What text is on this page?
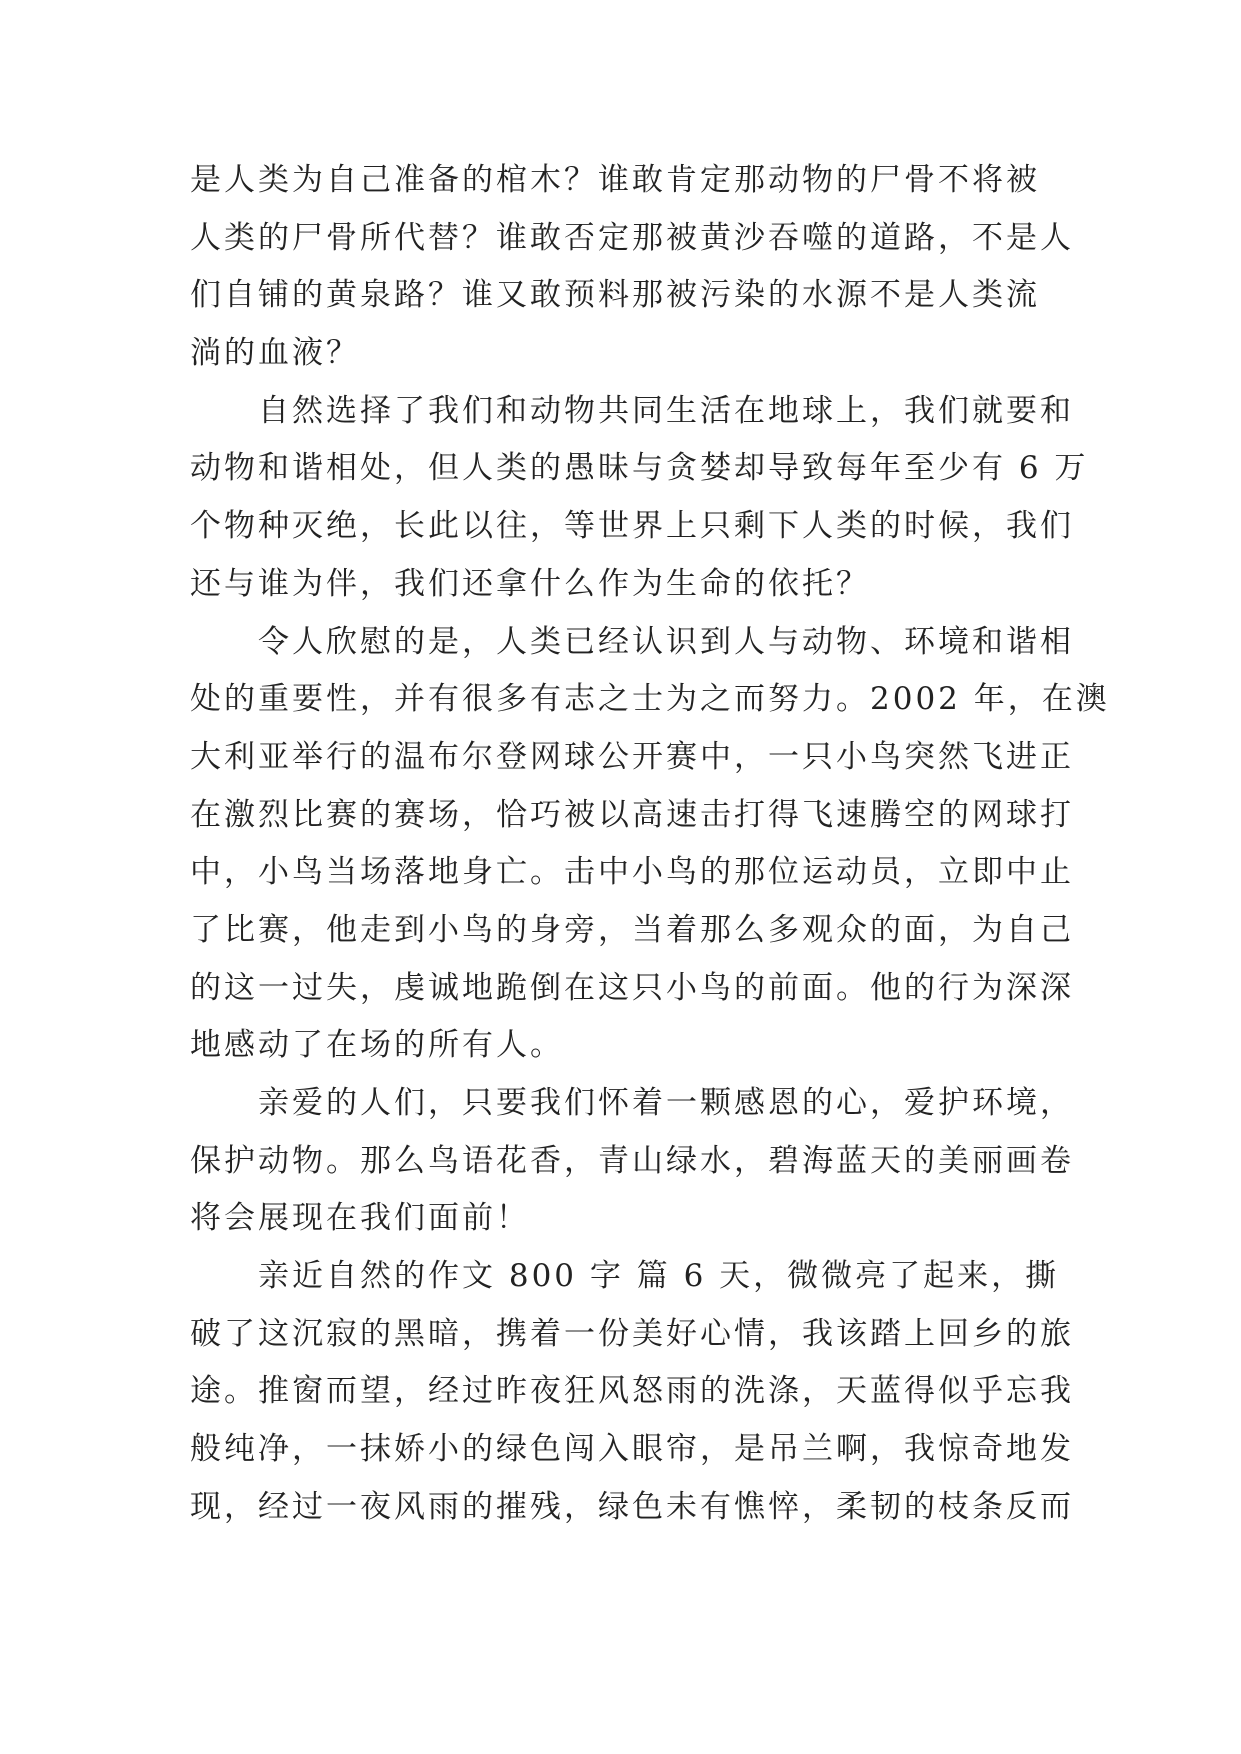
是人类为自己准备的棺木？谁敢肯定那动物的尸骨不将被
人类的尸骨所代替？谁敢否定那被黄沙吞噬的道路，不是人
们自铺的黄泉路？谁又敢预料那被污染的水源不是人类流
淌的血液？
自然选择了我们和动物共同生活在地球上，我们就要和
动物和谐相处，但人类的愚昧与贪婪却导致每年至少有 6 万
个物种灭绝，长此以往，等世界上只剩下人类的时候，我们
还与谁为伴，我们还拿什么作为生命的依托？
令人欣慰的是，人类已经认识到人与动物、环境和谐相
处的重要性，并有很多有志之士为之而努力。2002 年，在澳
大利亚举行的温布尔登网球公开赛中，一只小鸟突然飞进正
在激烈比赛的赛场，恰巧被以高速击打得飞速腾空的网球打
中，小鸟当场落地身亡。击中小鸟的那位运动员，立即中止
了比赛，他走到小鸟的身旁，当着那么多观众的面，为自己
的这一过失，虔诚地跪倒在这只小鸟的前面。他的行为深深
地感动了在场的所有人。
亲爱的人们，只要我们怀着一颗感恩的心，爱护环境，
保护动物。那么鸟语花香，青山绿水，碧海蓝天的美丽画卷
将会展现在我们面前！
亲近自然的作文 800 字 篇 6 天，微微亮了起来，撕
破了这沉寂的黑暗，携着一份美好心情，我该踏上回乡的旅
途。推窗而望，经过昨夜狂风怒雨的洗涤，天蓝得似乎忘我
般纯净，一抹娇小的绿色闯入眼帘，是吊兰啊，我惊奇地发
现，经过一夜风雨的摧残，绿色未有憔悴，柔韧的枝条反而
